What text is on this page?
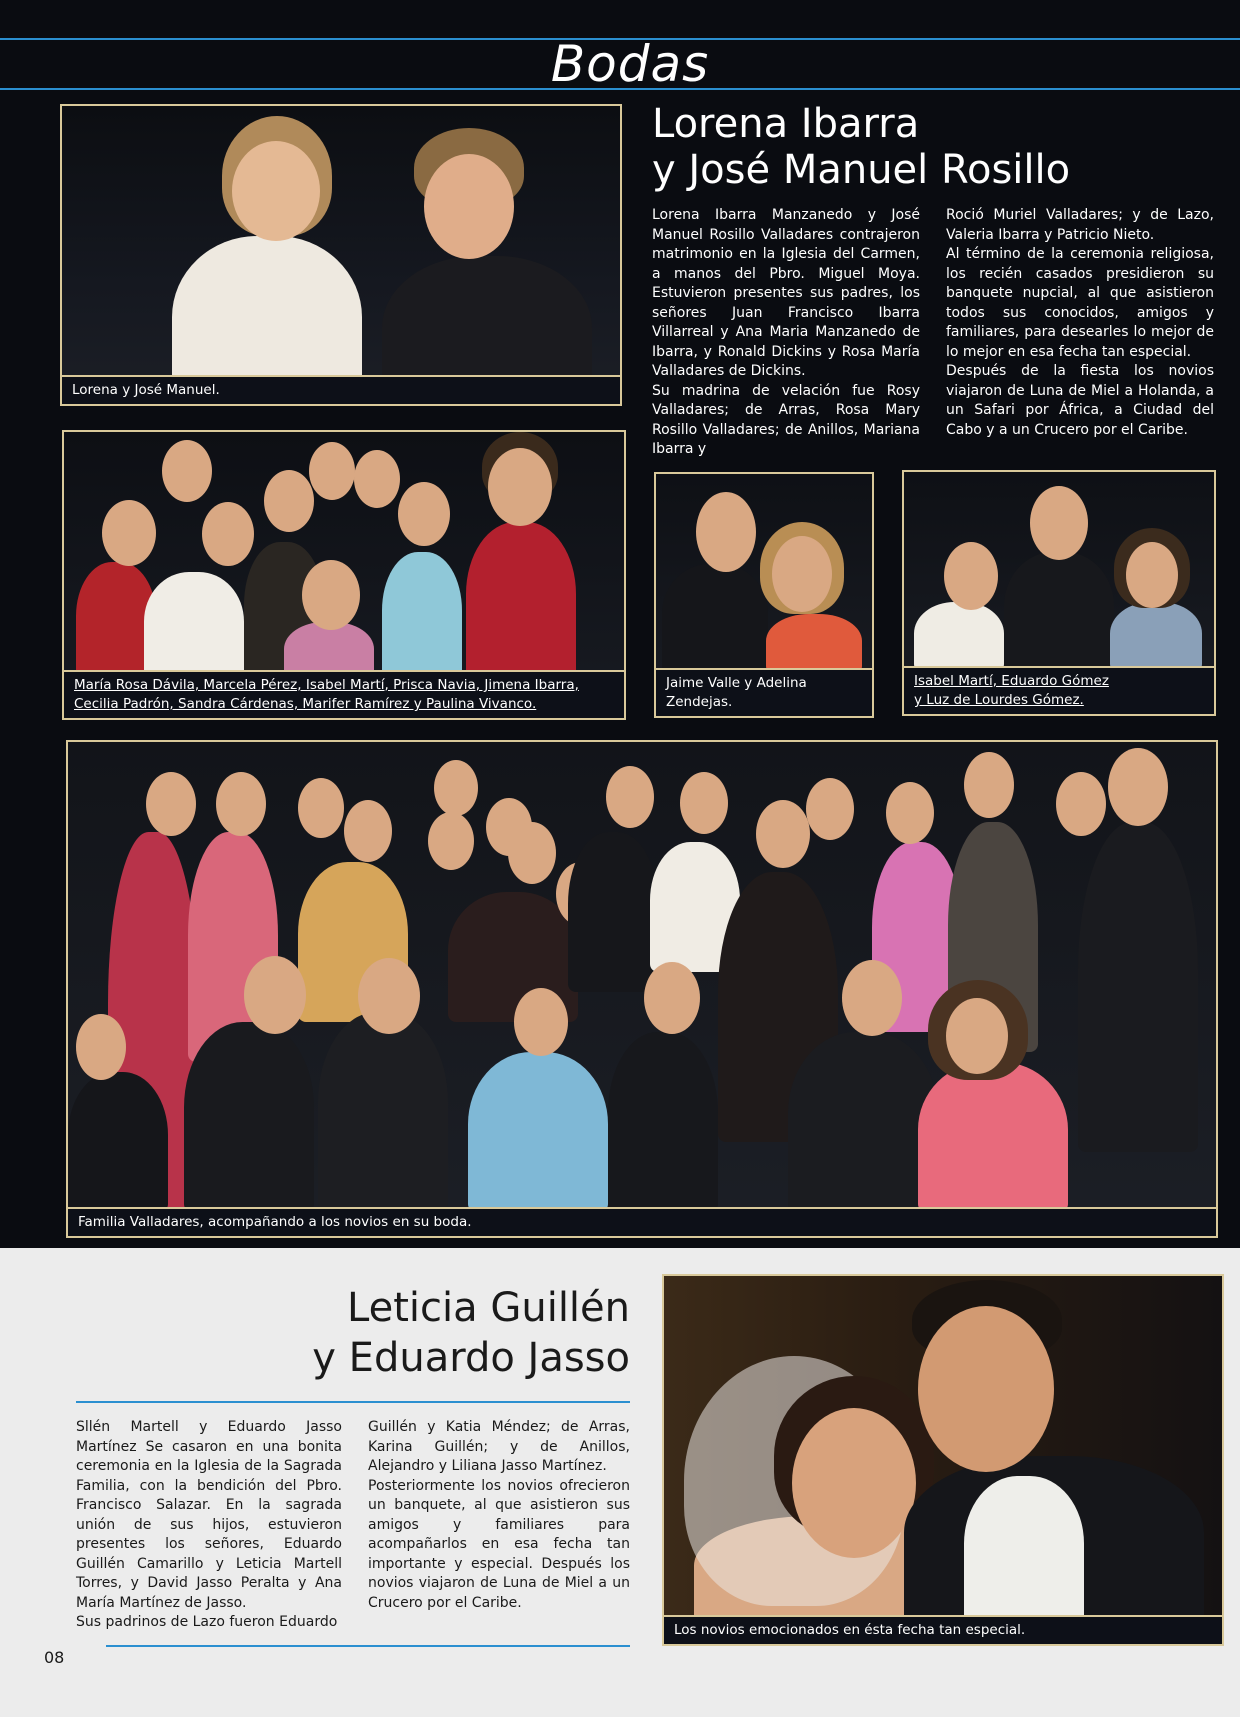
Bodas
Lorena Ibarra
y José Manuel Rosillo

Lorena Ibarra Manzanedo y José Manuel Rosillo Valladares contrajeron matrimonio en la Iglesia del Carmen, a manos del Pbro. Miguel Moya. Estuvieron presentes sus padres, los señores Juan Francisco Ibarra Villarreal y Ana Maria Manzanedo de Ibarra, y Ronald Dickins y Rosa María Valladares de Dickins.

Su madrina de velación fue Rosy Valladares; de Arras, Rosa Mary Rosillo Valladares; de Anillos, Mariana Ibarra y

Roció Muriel Valladares; y de Lazo, Valeria Ibarra y Patricio Nieto.

Al término de la ceremonia religiosa, los recién casados presidieron su banquete nupcial, al que asistieron todos sus conocidos, amigos y familiares, para desearles lo mejor de lo mejor en esa fecha tan especial.

Después de la fiesta los novios viajaron de Luna de Miel a Holanda, a un Safari por África, a Ciudad del Cabo y a un Crucero por el Caribe.

Lorena y José Manuel.
María Rosa Dávila, Marcela Pérez, Isabel Martí, Prisca Navia, Jimena Ibarra,
Cecilia Padrón, Sandra Cárdenas, Marifer Ramírez y Paulina Vivanco.
Jaime Valle y Adelina Zendejas.
Isabel Martí, Eduardo Gómez
y Luz de Lourdes Gómez.
Familia Valladares, acompañando a los novios en su boda.
Leticia Guillén
y Eduardo Jasso

Sllén Martell y Eduardo Jasso Martínez Se casaron en una bonita ceremonia en la Iglesia de la Sagrada Familia, con la bendición del Pbro. Francisco Salazar. En la sagrada unión de sus hijos, estuvieron presentes los señores, Eduardo Guillén Camarillo y Leticia Martell Torres, y David Jasso Peralta y Ana María Martínez de Jasso.

Sus padrinos de Lazo fueron Eduardo

Guillén y Katia Méndez; de Arras, Karina Guillén; y de Anillos, Alejandro y Liliana Jasso Martínez.

Posteriormente los novios ofrecieron un banquete, al que asistieron sus amigos y familiares para acompañarlos en esa fecha tan importante y especial. Después los novios viajaron de Luna de Miel a un Crucero por el Caribe.

Los novios emocionados en ésta fecha tan especial.
08
